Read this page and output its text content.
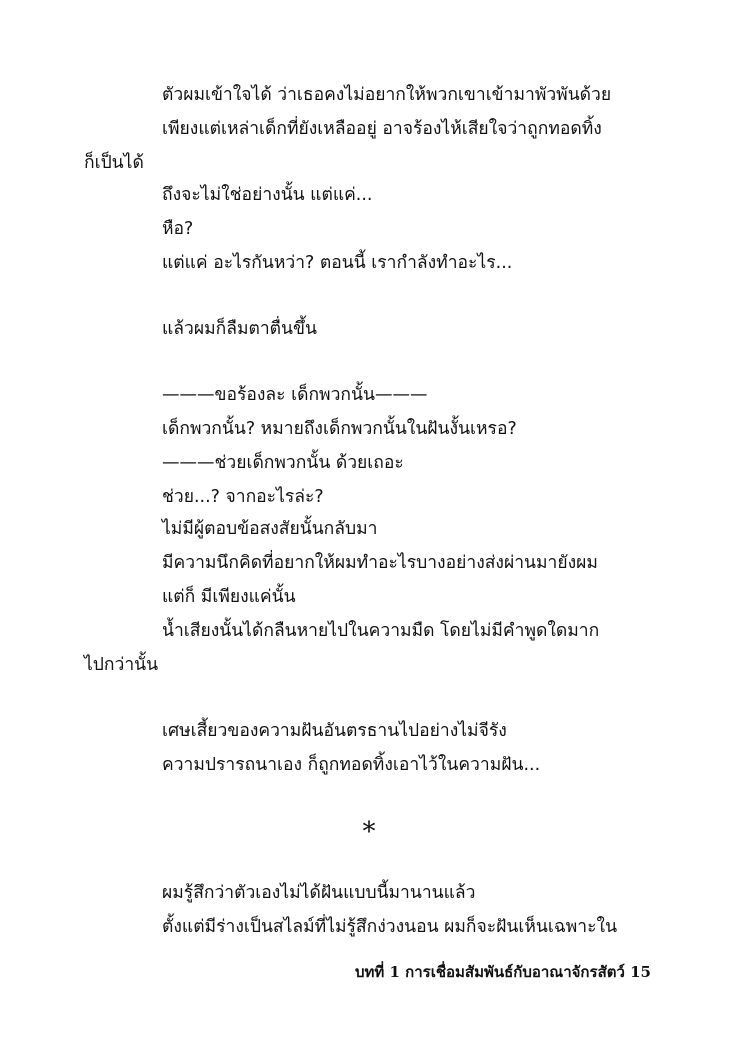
ตัวผมเข้าใจได้ ว่าเธอคงไม่อยากให้พวกเขาเข้ามาพัวพันด้วย
เพียงแต่เหล่าเด็กที่ยังเหลืออยู่ อาจร้องไห้เสียใจว่าถูกทอดทิ้ง
ก็เป็นได้
ถึงจะไม่ใช่อย่างนั้น แต่แค่...
หือ?
แต่แค่ อะไรกันหว่า? ตอนนี้ เรากำลังทำอะไร...
แล้วผมก็ลืมตาตื่นขึ้น
———ขอร้องละ เด็กพวกนั้น———
เด็กพวกนั้น? หมายถึงเด็กพวกนั้นในฝันงั้นเหรอ?
———ช่วยเด็กพวกนั้น ด้วยเถอะ
ช่วย...? จากอะไรล่ะ?
ไม่มีผู้ตอบข้อสงสัยนั้นกลับมา
มีความนึกคิดที่อยากให้ผมทำอะไรบางอย่างส่งผ่านมายังผม
แต่ก็ มีเพียงแค่นั้น
น้ำเสียงนั้นได้กลืนหายไปในความมืด โดยไม่มีคำพูดใดมาก
ไปกว่านั้น
เศษเสี้ยวของความฝันอันตรธานไปอย่างไม่จีรัง
ความปรารถนาเอง ก็ถูกทอดทิ้งเอาไว้ในความฝัน...
*
ผมรู้สึกว่าตัวเองไม่ได้ฝันแบบนี้มานานแล้ว
ตั้งแต่มีร่างเป็นสไลม์ที่ไม่รู้สึกง่วงนอน ผมก็จะฝันเห็นเฉพาะใน
บทที่ 1 การเชื่อมสัมพันธ์กับอาณาจักรสัตว์ 15
